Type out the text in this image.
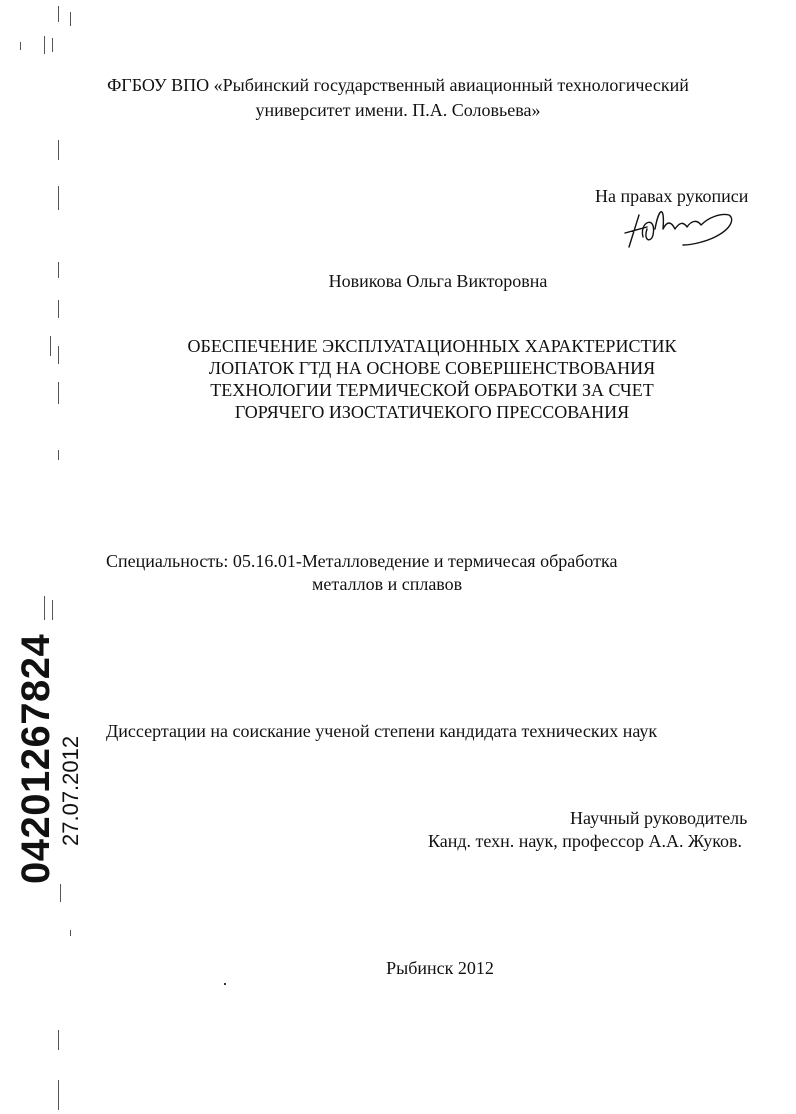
ФГБОУ ВПО «Рыбинский государственный авиационный технологический
университет имени. П.А. Соловьева»
На правах рукописи
Новикова Ольга Викторовна
ОБЕСПЕЧЕНИЕ ЭКСПЛУАТАЦИОННЫХ ХАРАКТЕРИСТИК
ЛОПАТОК ГТД НА ОСНОВЕ СОВЕРШЕНСТВОВАНИЯ
ТЕХНОЛОГИИ ТЕРМИЧЕСКОЙ ОБРАБОТКИ ЗА СЧЕТ
ГОРЯЧЕГО ИЗОСТАТИЧЕКОГО ПРЕССОВАНИЯ
Специальность: 05.16.01-Металловедение и термичесая обработка
металлов и сплавов
04201267824 27.07.2012
Диссертации на соискание ученой степени кандидата технических наук
Научный руководитель
Канд. техн. наук, профессор А.А. Жуков.
Рыбинск 2012
